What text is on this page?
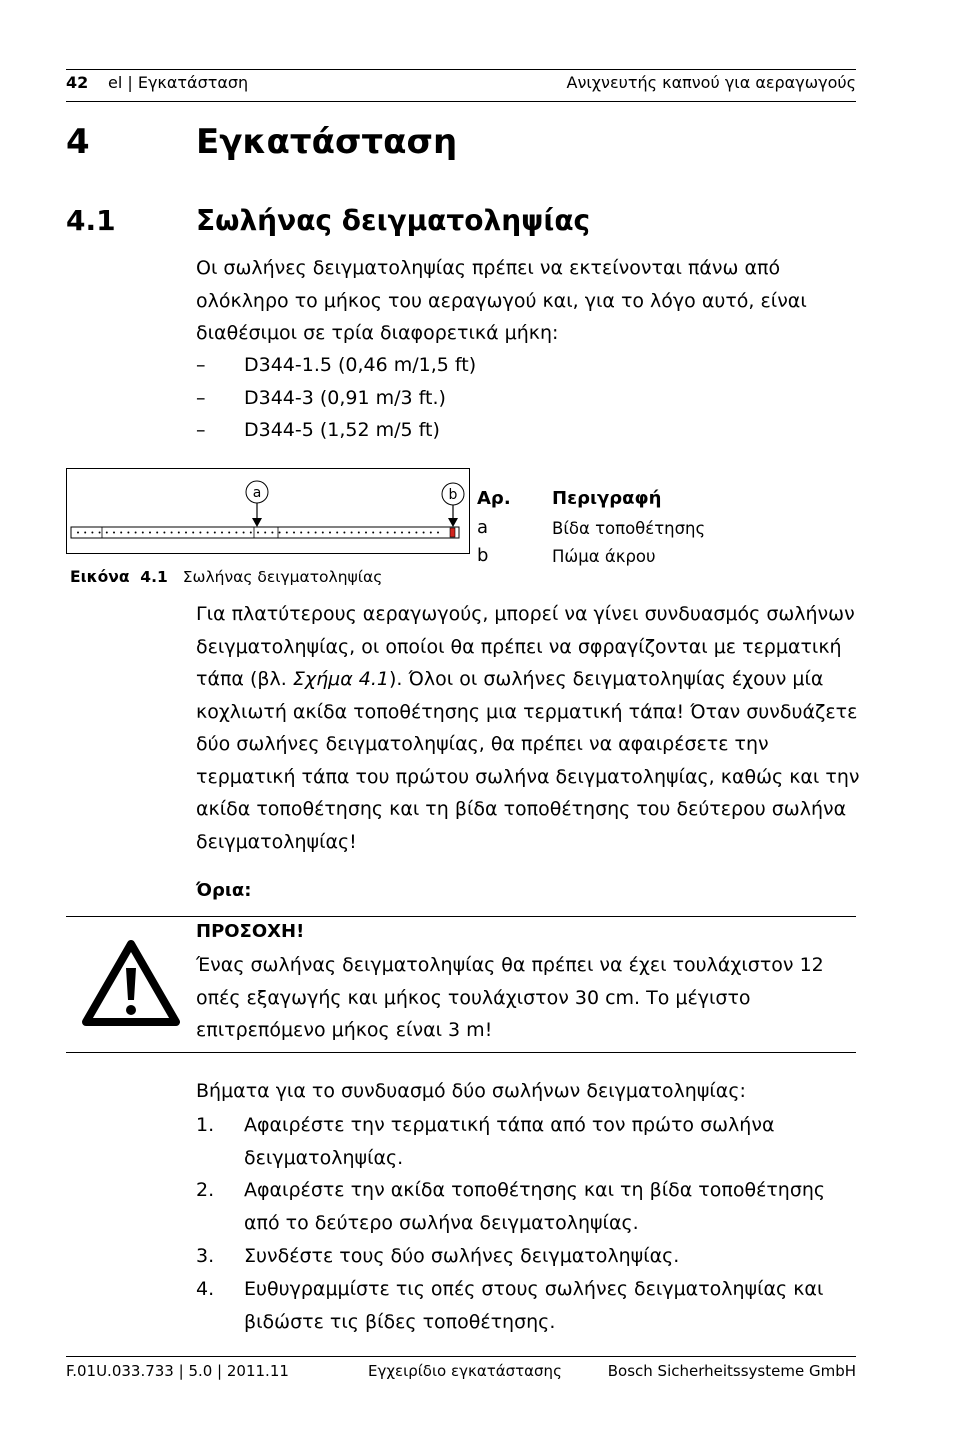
42 el | Εγκατάσταση	Ανιχνευτής καπνού για αεραγωγούς
4	Εγκατάσταση
4.1	Σωλήνας δειγματοληψίας
Οι σωλήνες δειγματοληψίας πρέπει να εκτείνονται πάνω από ολόκληρο το μήκος του αεραγωγού και, για το λόγο αυτό, είναι διαθέσιμοι σε τρία διαφορετικά μήκη:
– D344-1.5 (0,46 m/1,5 ft)
– D344-3 (0,91 m/3 ft.)
– D344-5 (1,52 m/5 ft)
a	b
Εικόνα  4.1 Σωλήνας δειγματοληψίας
Αρ. Περιγραφή
a	Βίδα τοποθέτησης
b	Πώμα άκρου
Για πλατύτερους αεραγωγούς, μπορεί να γίνει συνδυασμός σωλήνων δειγματοληψίας, οι οποίοι θα πρέπει να σφραγίζονται με τερματική τάπα (βλ. Σχήμα 4.1). Όλοι οι σωλήνες δειγματοληψίας έχουν μία κοχλιωτή ακίδα τοποθέτησης μια τερματική τάπα! Όταν συνδυάζετε δύο σωλήνες δειγματοληψίας, θα πρέπει να αφαιρέσετε την τερματική τάπα του πρώτου σωλήνα δειγματοληψίας, καθώς και την ακίδα τοποθέτησης και τη βίδα τοποθέτησης του δεύτερου σωλήνα δειγματοληψίας!
Όρια:
ΠΡΟΣΟΧΗ!
Ένας σωλήνας δειγματοληψίας θα πρέπει να έχει τουλάχιστον 12 οπές εξαγωγής και μήκος τουλάχιστον 30 cm. Το μέγιστο επιτρεπόμενο μήκος είναι 3 m!
Βήματα για το συνδυασμό δύο σωλήνων δειγματοληψίας:
1. Αφαιρέστε την τερματική τάπα από τον πρώτο σωλήνα δειγματοληψίας.
2. Αφαιρέστε την ακίδα τοποθέτησης και τη βίδα τοποθέτησης από το δεύτερο σωλήνα δειγματοληψίας.
3. Συνδέστε τους δύο σωλήνες δειγματοληψίας.
4. Ευθυγραμμίστε τις οπές στους σωλήνες δειγματοληψίας και βιδώστε τις βίδες τοποθέτησης.
F.01U.033.733 | 5.0 | 2011.11	Εγχειρίδιο εγκατάστασης	Bosch Sicherheitssysteme GmbH
